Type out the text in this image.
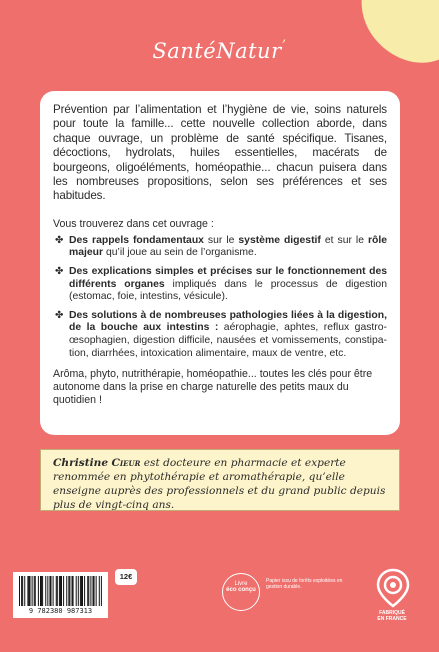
SantéNatur’

Prévention par l’alimentation et l’hygiène de vie, soins naturels pour toute la famille... cette nouvelle collection aborde, dans chaque ouvrage, un problème de santé spécifique. Tisanes, décoctions, hydrolats, huiles essentielles, macérats de bourgeons, oligoéléments, homéopathie... chacun puisera dans les nombreuses propositions, selon ses préférences et ses habitudes.

Vous trouverez dans cet ouvrage :

✤ Des rappels fondamentaux sur le système digestif et sur le rôle majeur qu’il joue au sein de l’organisme.
✤ Des explications simples et précises sur le fonctionnement des différents organes impliqués dans le processus de digestion (estomac, foie, intestins, vésicule).
✤ Des solutions à de nombreuses pathologies liées à la digestion, de la bouche aux intestins : aérophagie, aphtes, reflux gastro-œsophagien, digestion difficile, nausées et vomissements, constipation, diarrhées, intoxication alimentaire, maux de ventre, etc.

Arôma, phyto, nutrithérapie, homéopathie... toutes les clés pour être autonome dans la prise en charge naturelle des petits maux du quotidien !

Christine Cieur est docteure en pharmacie et experte renommée en phytothérapie et aromathérapie, qu’elle enseigne auprès des professionnels et du grand public depuis plus de vingt-cinq ans.
9 782380 987313
12€
Livre
éco conçu
Papier issu de forêts exploitées en gestion durable.
FABRIQUÉ
EN FRANCE
